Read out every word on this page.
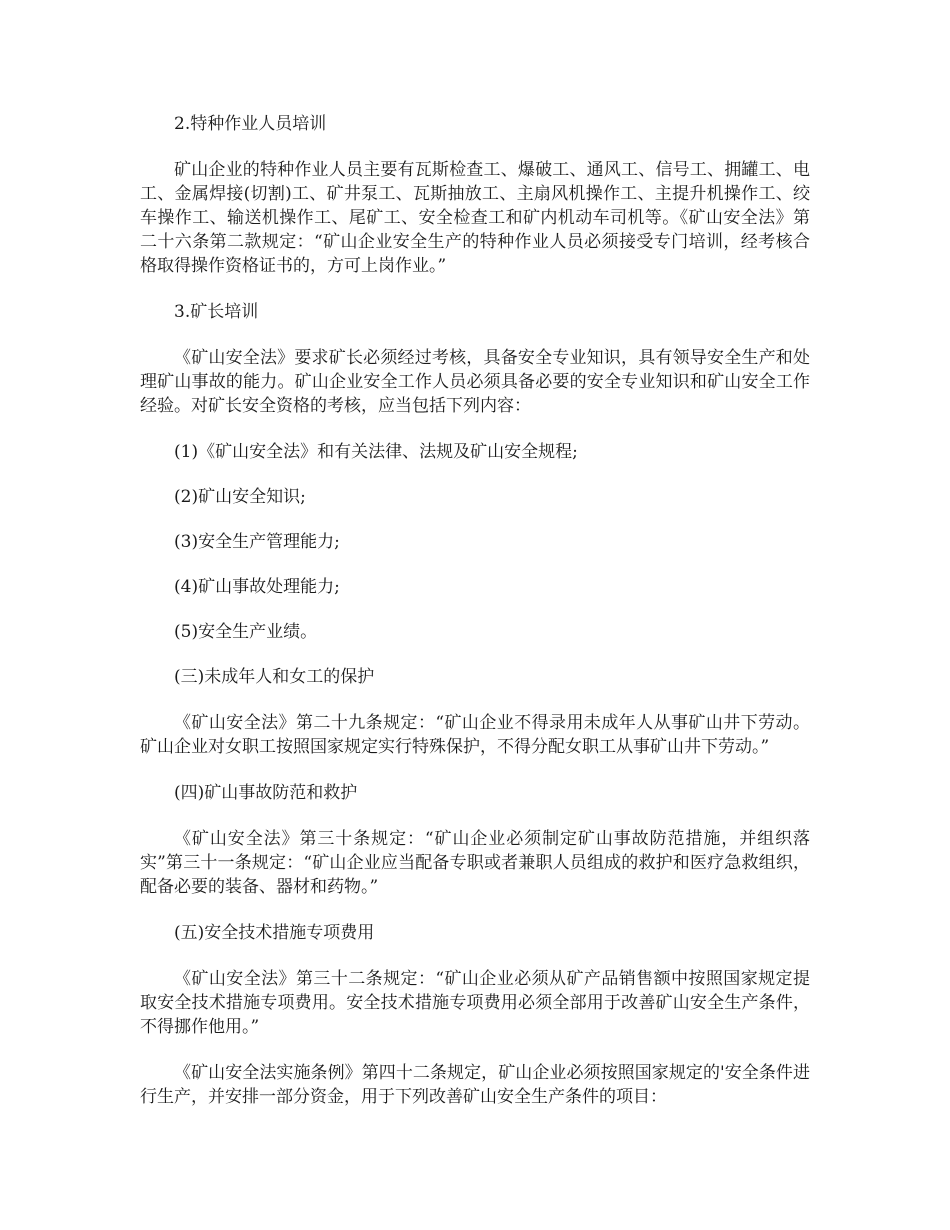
2.特种作业人员培训

矿山企业的特种作业人员主要有瓦斯检查工、爆破工、通风工、信号工、拥罐工、电工、金属焊接(切割)工、矿井泵工、瓦斯抽放工、主扇风机操作工、主提升机操作工、绞车操作工、输送机操作工、尾矿工、安全检查工和矿内机动车司机等。《矿山安全法》第二十六条第二款规定：“矿山企业安全生产的特种作业人员必须接受专门培训，经考核合格取得操作资格证书的，方可上岗作业。”

3.矿长培训

《矿山安全法》要求矿长必须经过考核，具备安全专业知识，具有领导安全生产和处理矿山事故的能力。矿山企业安全工作人员必须具备必要的安全专业知识和矿山安全工作经验。对矿长安全资格的考核，应当包括下列内容：

(1)《矿山安全法》和有关法律、法规及矿山安全规程;

(2)矿山安全知识;

(3)安全生产管理能力;

(4)矿山事故处理能力;

(5)安全生产业绩。

(三)未成年人和女工的保护

《矿山安全法》第二十九条规定：“矿山企业不得录用未成年人从事矿山井下劳动。矿山企业对女职工按照国家规定实行特殊保护，不得分配女职工从事矿山井下劳动。”

(四)矿山事故防范和救护

《矿山安全法》第三十条规定：“矿山企业必须制定矿山事故防范措施，并组织落实”第三十一条规定：“矿山企业应当配备专职或者兼职人员组成的救护和医疗急救组织，配备必要的装备、器材和药物。”

(五)安全技术措施专项费用

《矿山安全法》第三十二条规定：“矿山企业必须从矿产品销售额中按照国家规定提取安全技术措施专项费用。安全技术措施专项费用必须全部用于改善矿山安全生产条件，不得挪作他用。”

《矿山安全法实施条例》第四十二条规定，矿山企业必须按照国家规定的'安全条件进行生产，并安排一部分资金，用于下列改善矿山安全生产条件的项目：
